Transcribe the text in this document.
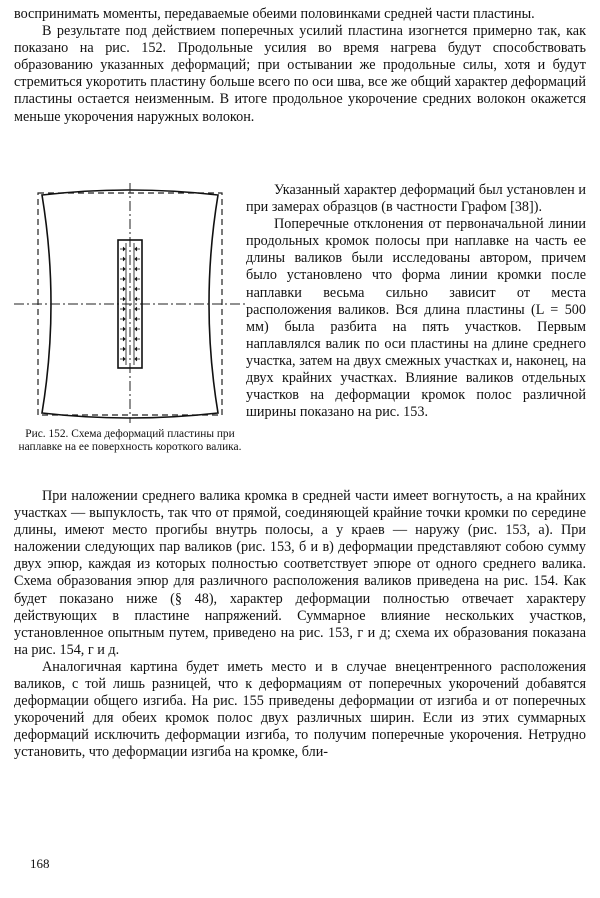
воспринимать моменты, передаваемые обеими половинками средней части пластины.

В результате под действием поперечных усилий пластина изогнется примерно так, как показано на рис. 152. Продольные усилия во время нагрева будут способствовать образованию указанных деформаций; при остывании же продольные силы, хотя и будут стремиться укоротить пластину больше всего по оси шва, все же общий характер деформаций пластины остается неизменным. В итоге продольное укорочение средних волокон окажется меньше укорочения наружных волокон.

Рис. 152. Схема деформаций пластины при наплавке на ее поверхность короткого валика.

Указанный характер деформаций был установлен и при замерах образцов (в частности Графом [38]).

Поперечные отклонения от первоначальной линии продольных кромок полосы при наплавке на часть ее длины валиков были исследованы автором, причем было установлено что форма линии кромки после наплавки весьма сильно зависит от места расположения валиков. Вся длина пластины (L = 500 мм) была разбита на пять участков. Первым наплавлялся валик по оси пластины на длине среднего участка, затем на двух смежных участках и, наконец, на двух крайних участках. Влияние валиков отдельных участков на деформации кромок полос различной ширины показано на рис. 153.

При наложении среднего валика кромка в средней части имеет вогнутость, а на крайних участках — выпуклость, так что от прямой, соединяющей крайние точки кромки по середине длины, имеют место прогибы внутрь полосы, а у краев — наружу (рис. 153, а). При наложении следующих пар валиков (рис. 153, б и в) деформации представляют собою сумму двух эпюр, каждая из которых полностью соответствует эпюре от одного среднего валика. Схема образования эпюр для различного расположения валиков приведена на рис. 154. Как будет показано ниже (§ 48), характер деформации полностью отвечает характеру действующих в пластине напряжений. Суммарное влияние нескольких участков, установленное опытным путем, приведено на рис. 153, г и д; схема их образования показана на рис. 154, г и д.

Аналогичная картина будет иметь место и в случае внецентренного расположения валиков, с той лишь разницей, что к деформациям от поперечных укорочений добавятся деформации общего изгиба. На рис. 155 приведены деформации от изгиба и от поперечных укорочений для обеих кромок полос двух различных ширин. Если из этих суммарных деформаций исключить деформации изгиба, то получим поперечные укорочения. Нетрудно установить, что деформации изгиба на кромке, бли-

168
